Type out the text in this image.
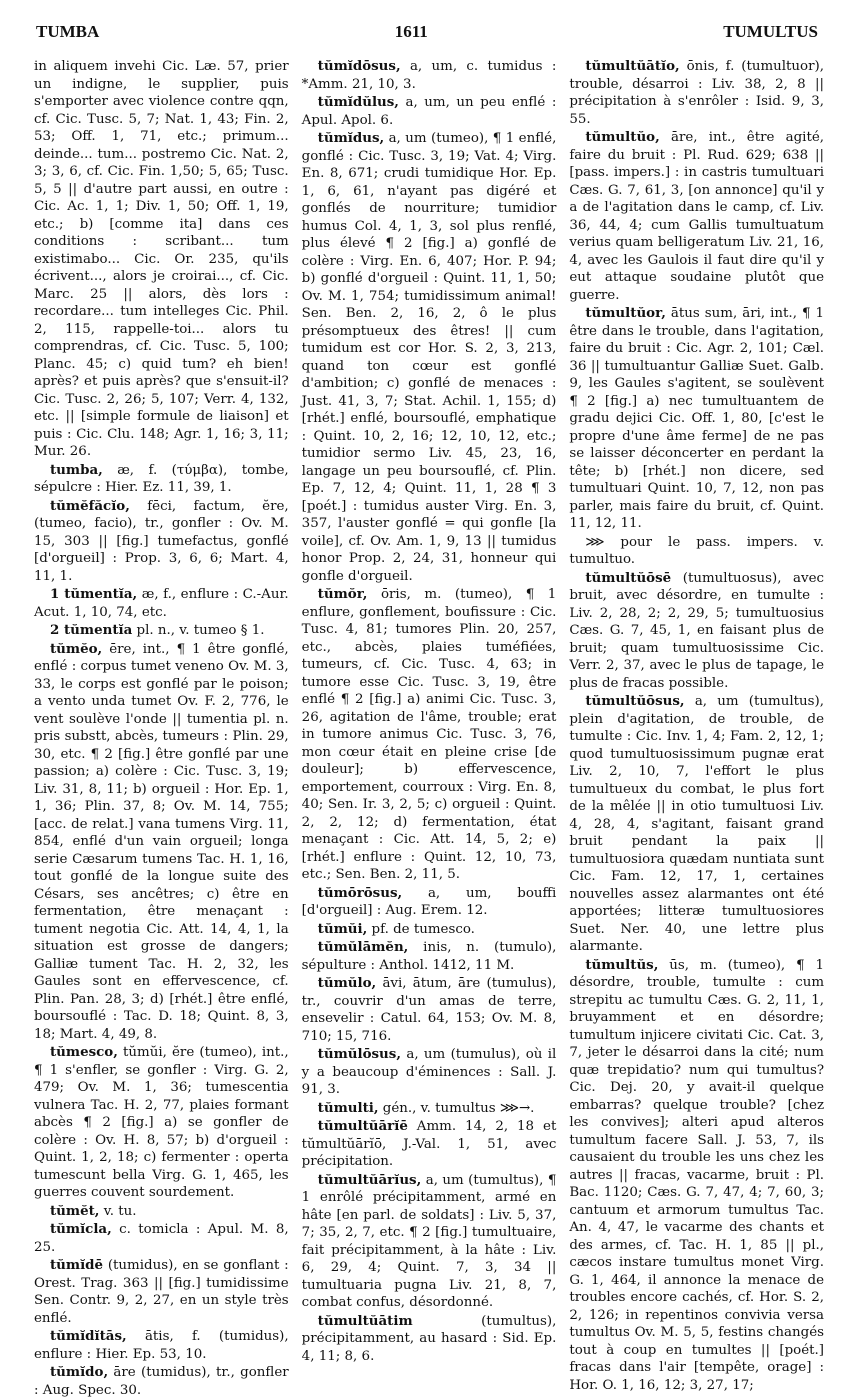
TUMBA	1611	TUMULTUS

in aliquem invehi Cic. Læ. 57, prier un indigne, le supplier, puis s'emporter avec violence contre qqn, cf. Cic. Tusc. 5, 7; Nat. 1, 43; Fin. 2, 53; Off. 1, 71, etc.; primum... deinde... tum... postremo Cic. Nat. 2, 3; 3, 6, cf. Cic. Fin. 1,50; 5, 65; Tusc. 5, 5 || d'autre part aussi, en outre : Cic. Ac. 1, 1; Div. 1, 50; Off. 1, 19, etc.; b) [comme ita] dans ces conditions : scribant... tum existimabo... Cic. Or. 235, qu'ils écrivent..., alors je croirai..., cf. Cic. Marc. 25 || alors, dès lors : recordare... tum intelleges Cic. Phil. 2, 115, rappelle-toi... alors tu comprendras, cf. Cic. Tusc. 5, 100; Planc. 45; c) quid tum? eh bien! après? et puis après? que s'ensuit-il? Cic. Tusc. 2, 26; 5, 107; Verr. 4, 132, etc. || [simple formule de liaison] et puis : Cic. Clu. 148; Agr. 1, 16; 3, 11; Mur. 26.

tumba, æ, f. (τύμβα), tombe, sépulcre : Hier. Ez. 11, 39, 1.

tŭmĕfăcĭo, fēci, factum, ĕre, (tumeo, facio), tr., gonfler : Ov. M. 15, 303 || [fig.] tumefactus, gonflé [d'orgueil] : Prop. 3, 6, 6; Mart. 4, 11, 1.

1 tŭmentĭa, æ, f., enflure : C.-Aur. Acut. 1, 10, 74, etc.

2 tŭmentĭa pl. n., v. tumeo § 1.

tŭmĕo, ēre, int., ¶ 1 être gonflé, enflé : corpus tumet veneno Ov. M. 3, 33, le corps est gonflé par le poison; a vento unda tumet Ov. F. 2, 776, le vent soulève l'onde || tumentia pl. n. pris substt, abcès, tumeurs : Plin. 29, 30, etc. ¶ 2 [fig.] être gonflé par une passion; a) colère : Cic. Tusc. 3, 19; Liv. 31, 8, 11; b) orgueil : Hor. Ep. 1, 1, 36; Plin. 37, 8; Ov. M. 14, 755; [acc. de relat.] vana tumens Virg. 11, 854, enflé d'un vain orgueil; longa serie Cæsarum tumens Tac. H. 1, 16, tout gonflé de la longue suite des Césars, ses ancêtres; c) être en fermentation, être menaçant : tument negotia Cic. Att. 14, 4, 1, la situation est grosse de dangers; Galliæ tument Tac. H. 2, 32, les Gaules sont en effervescence, cf. Plin. Pan. 28, 3; d) [rhét.] être enflé, boursouflé : Tac. D. 18; Quint. 8, 3, 18; Mart. 4, 49, 8.

tŭmesco, tŭmŭi, ĕre (tumeo), int., ¶ 1 s'enfler, se gonfler : Virg. G. 2, 479; Ov. M. 1, 36; tumescentia vulnera Tac. H. 2, 77, plaies formant abcès ¶ 2 [fig.] a) se gonfler de colère : Ov. H. 8, 57; b) d'orgueil : Quint. 1, 2, 18; c) fermenter : operta tumescunt bella Virg. G. 1, 465, les guerres couvent sourdement.

tŭmĕt, v. tu.

tŭmĭcla, c. tomicla : Apul. M. 8, 25.

tŭmĭdē (tumidus), en se gonflant : Orest. Trag. 363 || [fig.] tumidissime Sen. Contr. 9, 2, 27, en un style très enflé.

tŭmĭdĭtās, ātis, f. (tumidus), enflure : Hier. Ep. 53, 10.

tŭmĭdo, āre (tumidus), tr., gonfler : Aug. Spec. 30.

tŭmĭdōsus, a, um, c. tumidus : *Amm. 21, 10, 3.

tŭmĭdŭlus, a, um, un peu enflé : Apul. Apol. 6.

tŭmĭdus, a, um (tumeo), ¶ 1 enflé, gonflé : Cic. Tusc. 3, 19; Vat. 4; Virg. En. 8, 671; crudi tumidique Hor. Ep. 1, 6, 61, n'ayant pas digéré et gonflés de nourriture; tumidior humus Col. 4, 1, 3, sol plus renflé, plus élevé ¶ 2 [fig.] a) gonflé de colère : Virg. En. 6, 407; Hor. P. 94; b) gonflé d'orgueil : Quint. 11, 1, 50; Ov. M. 1, 754; tumidissimum animal! Sen. Ben. 2, 16, 2, ô le plus présomptueux des êtres! || cum tumidum est cor Hor. S. 2, 3, 213, quand ton cœur est gonflé d'ambition; c) gonflé de menaces : Just. 41, 3, 7; Stat. Achil. 1, 155; d) [rhét.] enflé, boursouflé, emphatique : Quint. 10, 2, 16; 12, 10, 12, etc.; tumidior sermo Liv. 45, 23, 16, langage un peu boursouflé, cf. Plin. Ep. 7, 12, 4; Quint. 11, 1, 28 ¶ 3 [poét.] : tumidus auster Virg. En. 3, 357, l'auster gonflé = qui gonfle [la voile], cf. Ov. Am. 1, 9, 13 || tumidus honor Prop. 2, 24, 31, honneur qui gonfle d'orgueil.

tŭmŏr, ōris, m. (tumeo), ¶ 1 enflure, gonflement, boufissure : Cic. Tusc. 4, 81; tumores Plin. 20, 257, etc., abcès, plaies tuméfiées, tumeurs, cf. Cic. Tusc. 4, 63; in tumore esse Cic. Tusc. 3, 19, être enflé ¶ 2 [fig.] a) animi Cic. Tusc. 3, 26, agitation de l'âme, trouble; erat in tumore animus Cic. Tusc. 3, 76, mon cœur était en pleine crise [de douleur]; b) effervescence, emportement, courroux : Virg. En. 8, 40; Sen. Ir. 3, 2, 5; c) orgueil : Quint. 2, 2, 12; d) fermentation, état menaçant : Cic. Att. 14, 5, 2; e) [rhét.] enflure : Quint. 12, 10, 73, etc.; Sen. Ben. 2, 11, 5.

tŭmōrōsus, a, um, bouffi [d'orgueil] : Aug. Erem. 12.

tŭmŭi, pf. de tumesco.

tŭmŭlāmĕn, inis, n. (tumulo), sépulture : Anthol. 1412, 11 M.

tŭmŭlo, āvi, ātum, āre (tumulus), tr., couvrir d'un amas de terre, ensevelir : Catul. 64, 153; Ov. M. 8, 710; 15, 716.

tŭmŭlōsus, a, um (tumulus), où il y a beaucoup d'éminences : Sall. J. 91, 3.

tŭmulti, gén., v. tumultus ⋙→.

tŭmultŭārĭē Amm. 14, 2, 18 et tŭmultŭārĭō, J.-Val. 1, 51, avec précipitation.

tŭmultŭārĭus, a, um (tumultus), ¶ 1 enrôlé précipitamment, armé en hâte [en parl. de soldats] : Liv. 5, 37, 7; 35, 2, 7, etc. ¶ 2 [fig.] tumultuaire, fait précipitamment, à la hâte : Liv. 6, 29, 4; Quint. 7, 3, 34 || tumultuaria pugna Liv. 21, 8, 7, combat confus, désordonné.

tŭmultŭātim	(tumultus), précipitamment, au hasard : Sid. Ep. 4, 11; 8, 6.

tŭmultŭātĭo, ōnis, f. (tumultuor), trouble, désarroi : Liv. 38, 2, 8 || précipitation à s'enrôler : Isid. 9, 3, 55.

tŭmultŭo, āre, int., être agité, faire du bruit : Pl. Rud. 629; 638 || [pass. impers.] : in castris tumultuari Cæs. G. 7, 61, 3, [on annonce] qu'il y a de l'agitation dans le camp, cf. Liv. 36, 44, 4; cum Gallis tumultuatum verius quam belligeratum Liv. 21, 16, 4, avec les Gaulois il faut dire qu'il y eut attaque soudaine plutôt que guerre.

tŭmultŭor, ātus sum, āri, int., ¶ 1 être dans le trouble, dans l'agitation, faire du bruit : Cic. Agr. 2, 101; Cæl. 36 || tumultuantur Galliæ Suet. Galb. 9, les Gaules s'agitent, se soulèvent ¶ 2 [fig.] a) nec tumultuantem de gradu dejici Cic. Off. 1, 80, [c'est le propre d'une âme ferme] de ne pas se laisser déconcerter en perdant la tête; b) [rhét.] non dicere, sed tumultuari Quint. 10, 7, 12, non pas parler, mais faire du bruit, cf. Quint. 11, 12, 11.

⋙ pour le pass. impers. v. tumultuo.

tŭmultŭōsē (tumultuosus), avec bruit, avec désordre, en tumulte : Liv. 2, 28, 2; 2, 29, 5; tumultuosius Cæs. G. 7, 45, 1, en faisant plus de bruit; quam tumultuosissime Cic. Verr. 2, 37, avec le plus de tapage, le plus de fracas possible.

tŭmultŭōsus, a, um (tumultus), plein d'agitation, de trouble, de tumulte : Cic. Inv. 1, 4; Fam. 2, 12, 1; quod tumultuosissimum pugnæ erat Liv. 2, 10, 7, l'effort le plus tumultueux du combat, le plus fort de la mêlée || in otio tumultuosi Liv. 4, 28, 4, s'agitant, faisant grand bruit pendant la paix || tumultuosiora quædam nuntiata sunt Cic. Fam. 12, 17, 1, certaines nouvelles assez alarmantes ont été apportées; litteræ tumultuosiores Suet. Ner. 40, une lettre plus alarmante.

tŭmultŭs, ūs, m. (tumeo), ¶ 1 désordre, trouble, tumulte : cum strepitu ac tumultu Cæs. G. 2, 11, 1, bruyamment et en désordre; tumultum injicere civitati Cic. Cat. 3, 7, jeter le désarroi dans la cité; num quæ trepidatio? num qui tumultus? Cic. Dej. 20, y avait-il quelque embarras? quelque trouble? [chez les convives]; alteri apud alteros tumultum facere Sall. J. 53, 7, ils causaient du trouble les uns chez les autres || fracas, vacarme, bruit : Pl. Bac. 1120; Cæs. G. 7, 47, 4; 7, 60, 3; cantuum et armorum tumultus Tac. An. 4, 47, le vacarme des chants et des armes, cf. Tac. H. 1, 85 || pl., cæcos instare tumultus monet Virg. G. 1, 464, il annonce la menace de troubles encore cachés, cf. Hor. S. 2, 2, 126; in repentinos convivia versa tumultus Ov. M. 5, 5, festins changés tout à coup en tumultes || [poét.] fracas dans l'air [tempête, orage] : Hor. O. 1, 16, 12; 3, 27, 17;
